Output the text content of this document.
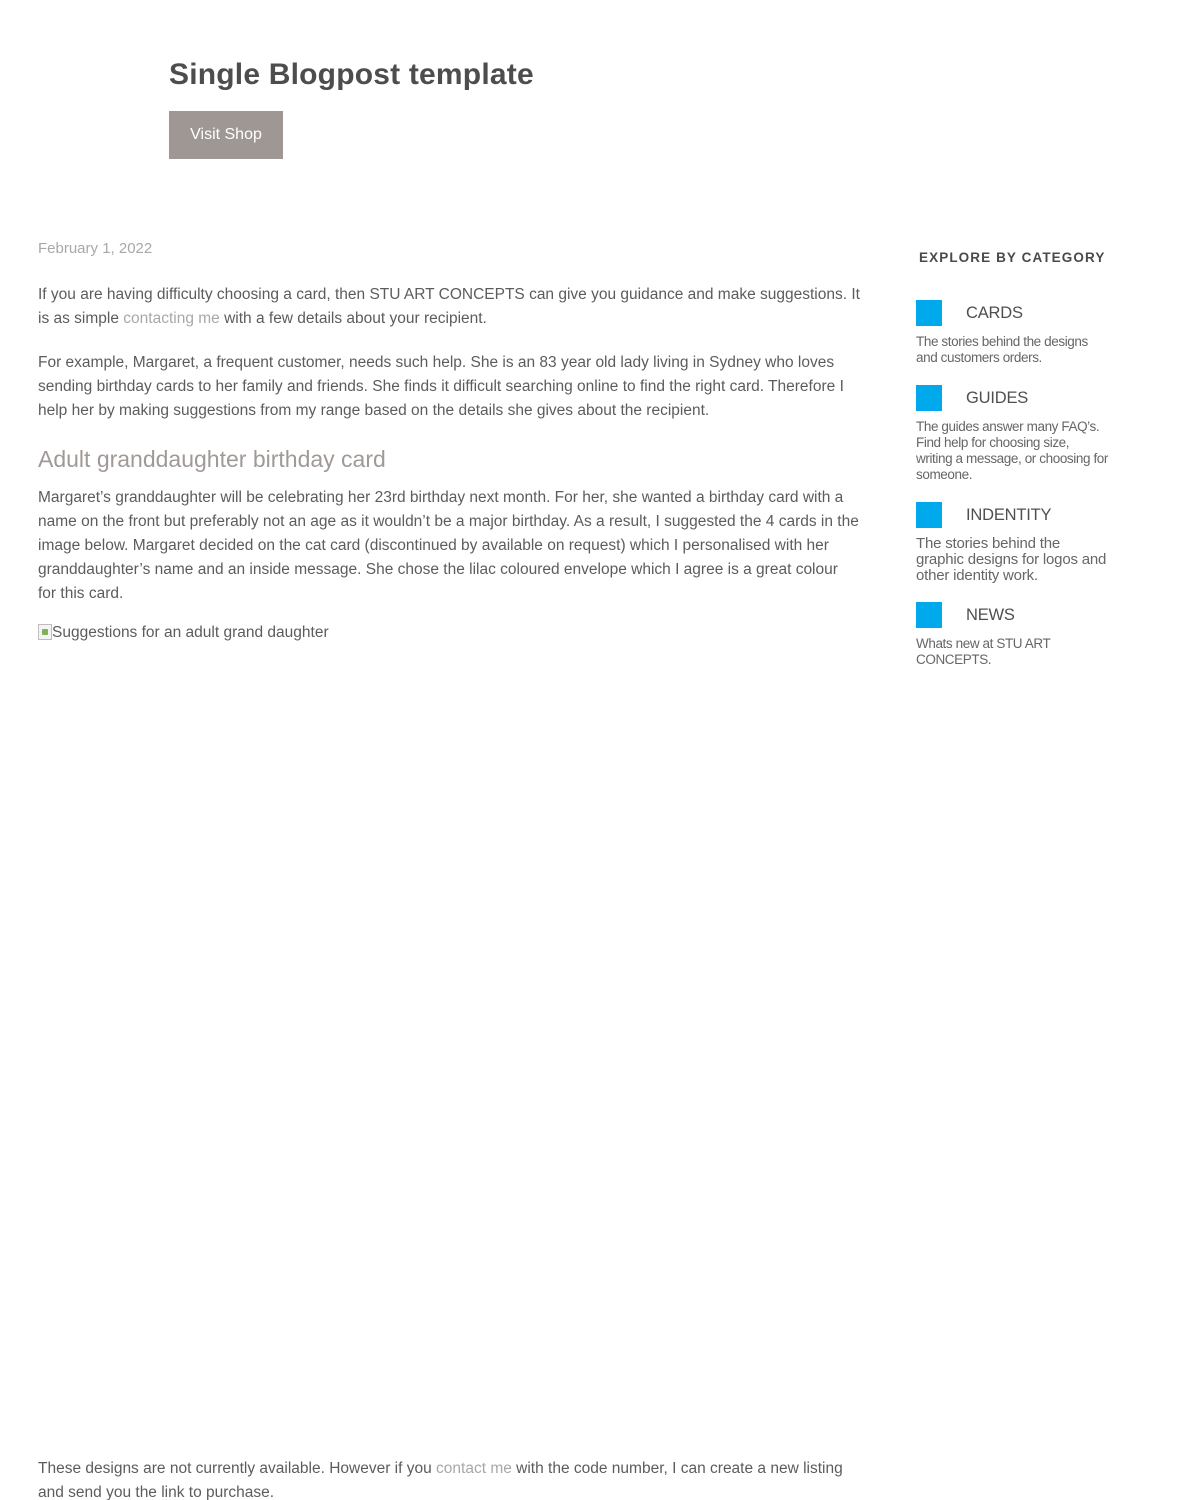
Single Blogpost template
Visit Shop
February 1, 2022

If you are having difficulty choosing a card, then STU ART CONCEPTS can give you guidance and make suggestions. It is as simple contacting me with a few details about your recipient.

For example, Margaret, a frequent customer, needs such help. She is an 83 year old lady living in Sydney who loves sending birthday cards to her family and friends. She finds it difficult searching online to find the right card. Therefore I help her by making suggestions from my range based on the details she gives about the recipient.

Adult granddaughter birthday card

Margaret’s granddaughter will be celebrating her 23rd birthday next month. For her, she wanted a birthday card with a name on the front but preferably not an age as it wouldn’t be a major birthday. As a result, I suggested the 4 cards in the image below. Margaret decided on the cat card (discontinued by available on request) which I personalised with her granddaughter’s name and an inside message. She chose the lilac coloured envelope which I agree is a great colour for this card.

Suggestions for an adult grand daughter

These designs are not currently available. However if you contact me with the code number, I can create a new listing and send you the link to purchase.

EXPLORE BY CATEGORY
CARDS
The stories behind the designs and customers orders.
GUIDES
The guides answer many FAQ’s. Find help for choosing size, writing a message, or choosing for someone.
INDENTITY
The stories behind the graphic designs for logos and other identity work.
NEWS
Whats new at STU ART CONCEPTS.
